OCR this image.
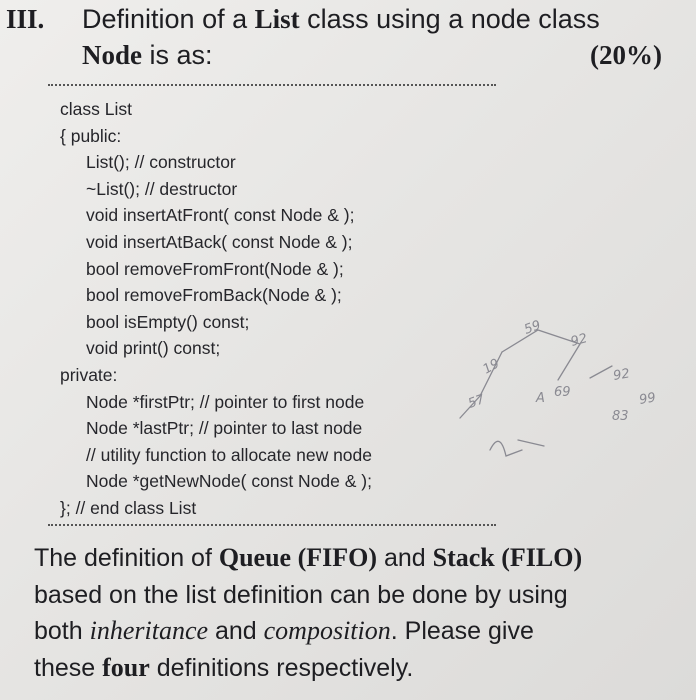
III. Definition of a List class using a node class
Node is as:	(20%)
class List
{ public:
List(); // constructor
~List(); // destructor
void insertAtFront( const Node & );
void insertAtBack( const Node & );
bool removeFromFront(Node & );
bool removeFromBack(Node & );
bool isEmpty() const;
void print() const;
private:
Node *firstPtr; // pointer to first node
Node *lastPtr; // pointer to last node
// utility function to allocate new node
Node *getNewNode( const Node & );
}; // end class List
19
59
92
A 69
92
99
57
83
The definition of Queue (FIFO) and Stack (FILO)
based on the list definition can be done by using
both inheritance and composition. Please give
these four definitions respectively.
